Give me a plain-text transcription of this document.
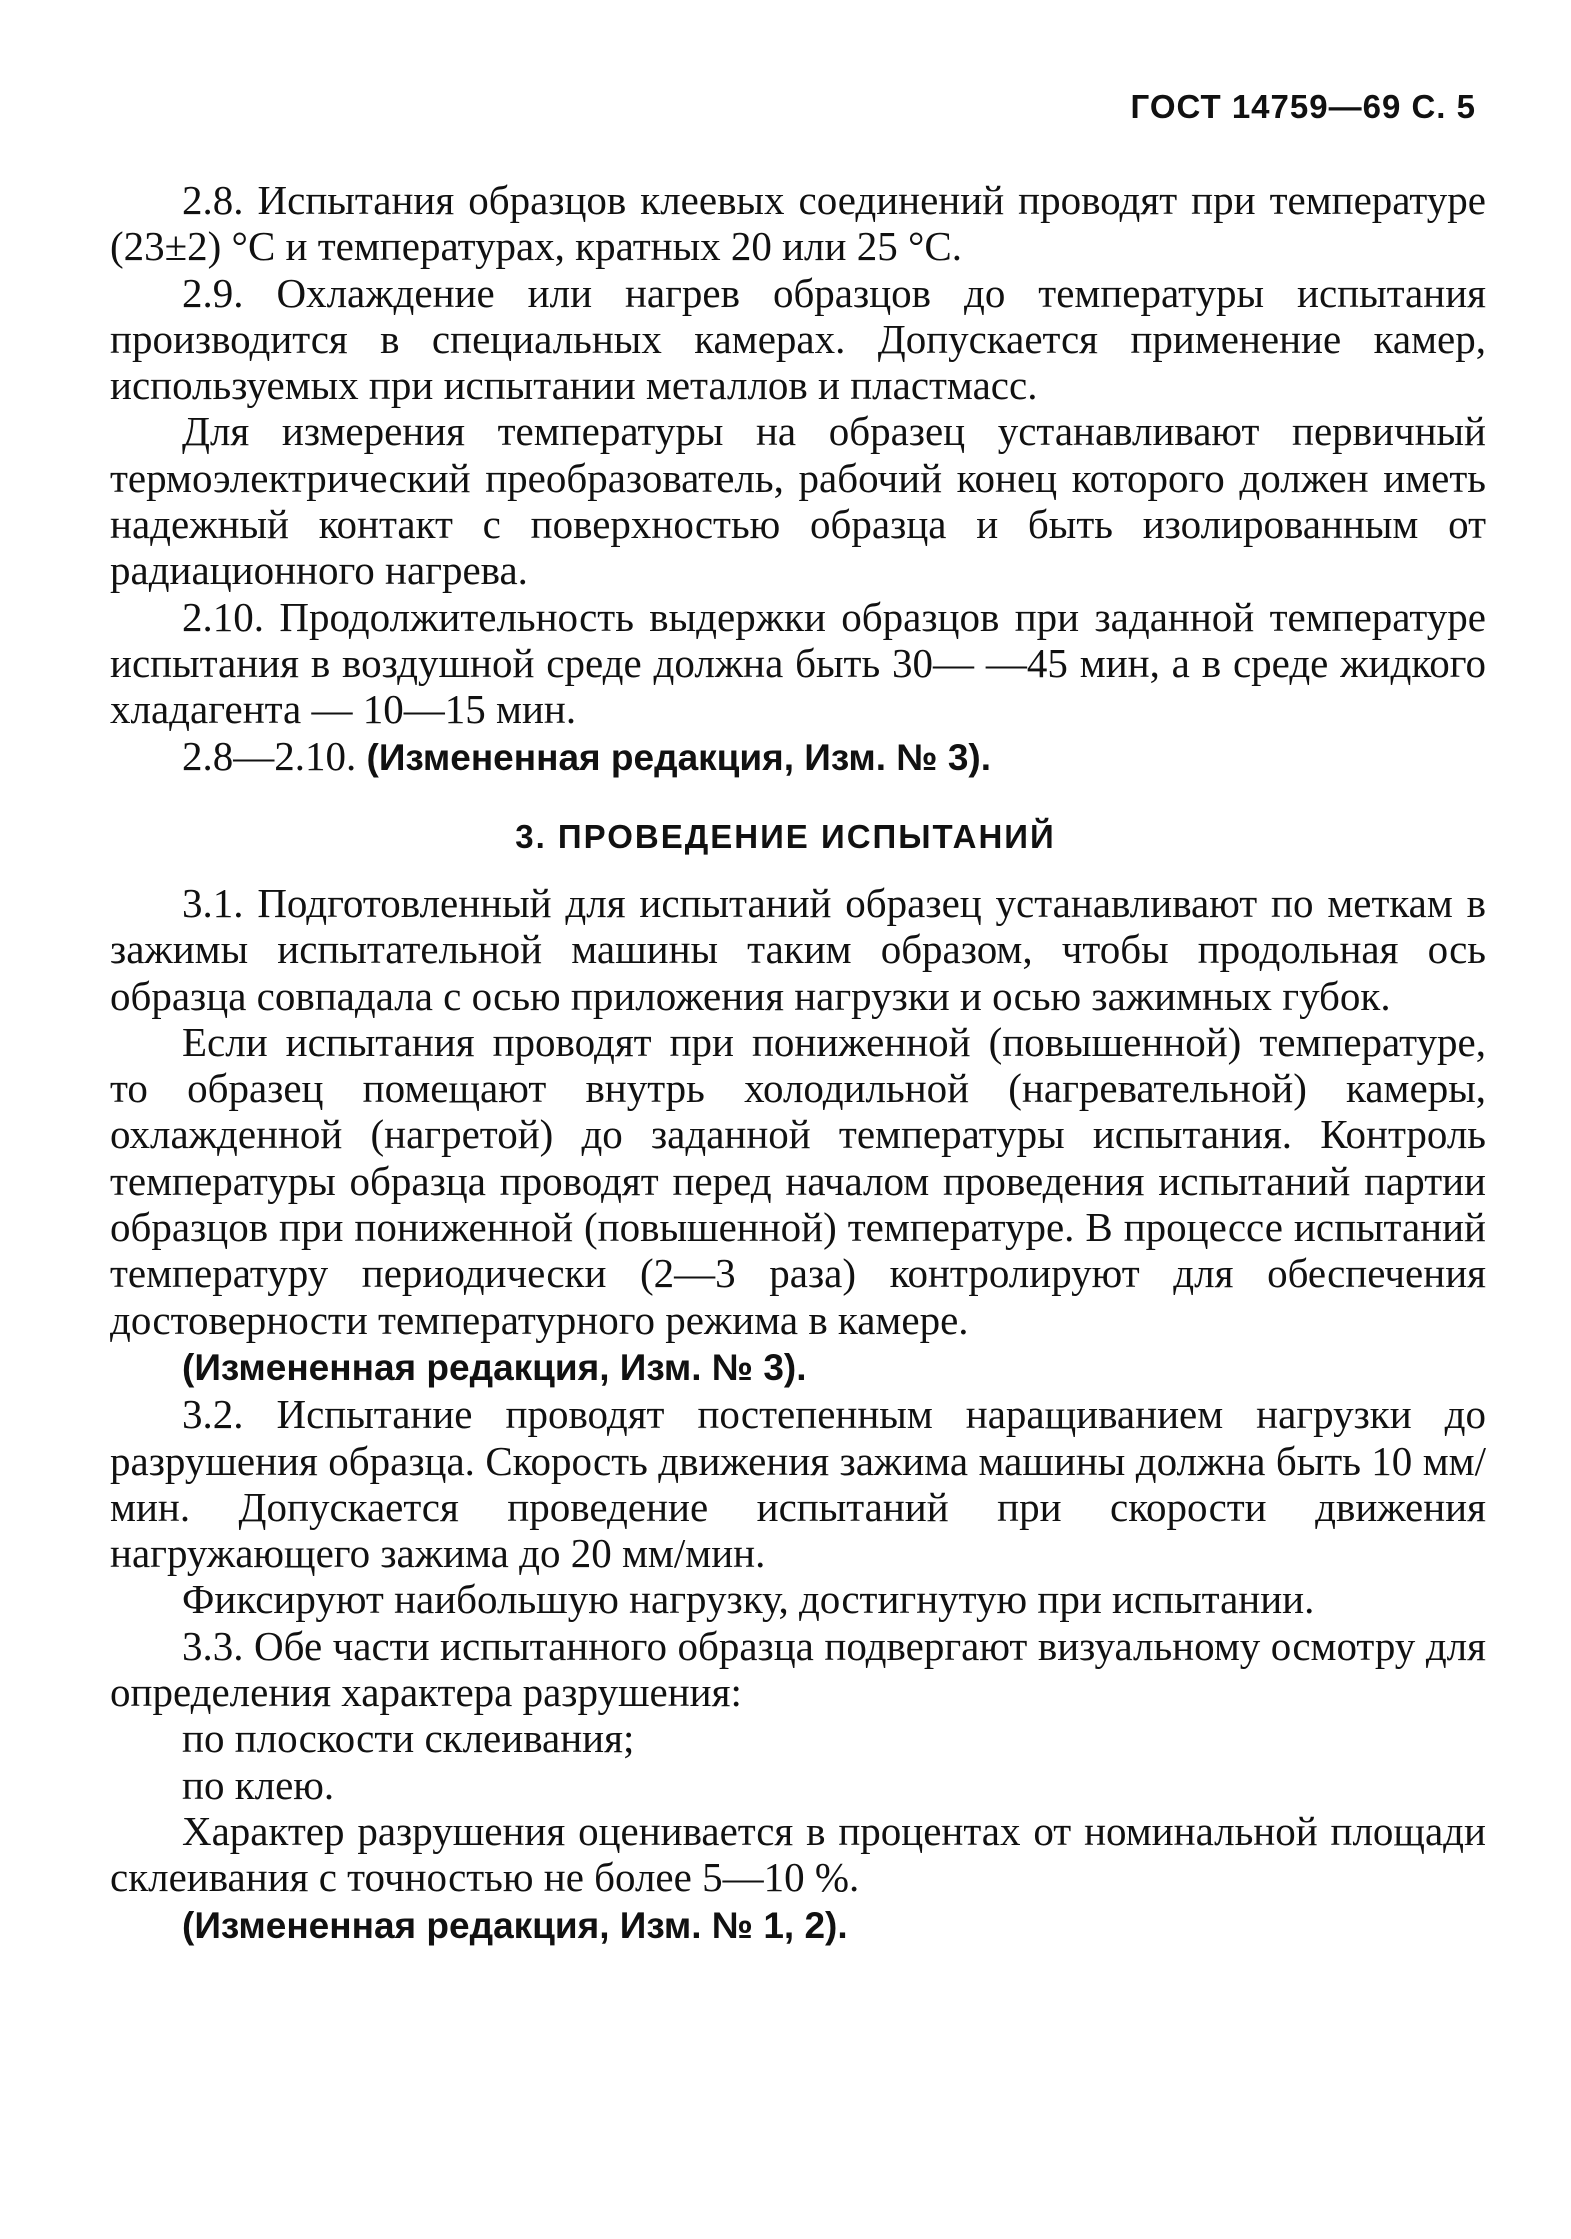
ГОСТ 14759—69 С. 5

2.8. Испытания образцов клеевых соединений проводят при температуре (23±2) °С и температурах, кратных 20 или 25 °С.

2.9. Охлаждение или нагрев образцов до температуры испытания производится в специальных камерах. Допускается применение камер, используемых при испытании металлов и пластмасс.

Для измерения температуры на образец устанавливают первичный термоэлектрический преобразователь, рабочий конец которого должен иметь надежный контакт с поверхностью образца и быть изолированным от радиационного нагрева.

2.10. Продолжительность выдержки образцов при заданной температуре испытания в воздушной среде должна быть 30— —45 мин, а в среде жидкого хладагента — 10—15 мин.

2.8—2.10. (Измененная редакция, Изм. № 3).

3. ПРОВЕДЕНИЕ ИСПЫТАНИЙ

3.1. Подготовленный для испытаний образец устанавливают по меткам в зажимы испытательной машины таким образом, чтобы продольная ось образца совпадала с осью приложения нагрузки и осью зажимных губок.

Если испытания проводят при пониженной (повышенной) температуре, то образец помещают внутрь холодильной (нагревательной) камеры, охлажденной (нагретой) до заданной температуры испытания. Контроль температуры образца проводят перед началом проведения испытаний партии образцов при пониженной (повышенной) температуре. В процессе испытаний температуру периодически (2—3 раза) контролируют для обеспечения достоверности температурного режима в камере.

(Измененная редакция, Изм. № 3).

3.2. Испытание проводят постепенным наращиванием нагрузки до разрушения образца. Скорость движения зажима машины должна быть 10 мм/мин. Допускается проведение испытаний при скорости движения нагружающего зажима до 20 мм/мин.

Фиксируют наибольшую нагрузку, достигнутую при испытании.

3.3. Обе части испытанного образца подвергают визуальному осмотру для определения характера разрушения:

по плоскости склеивания;

по клею.

Характер разрушения оценивается в процентах от номинальной площади склеивания с точностью не более 5—10 %.

(Измененная редакция, Изм. № 1, 2).
